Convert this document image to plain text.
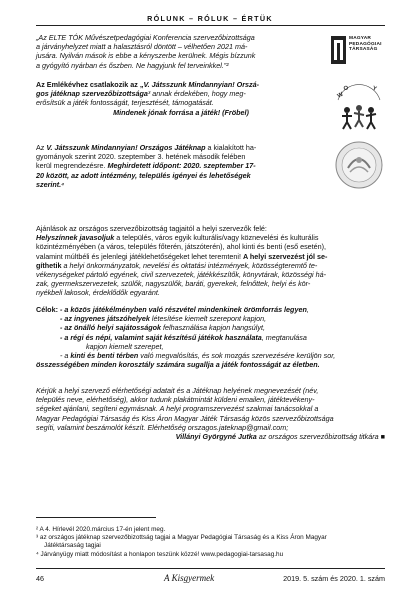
RÓLUNK – RÓLUK – ÉRTÜK
„Az ELTE TÓK Művészetpedagógiai Konferencia szervezőbizottsága
a járványhelyzet miatt a halasztásról döntött – vélhetően 2021 má-
jusára. Nyilván mások is ebbe a kényszerbe kerülnek. Mégis bízzunk
a gyógyító nyárban és őszben. Ne hagyjunk fel terveinkkel.”²
MAGYAR PEDAGÓGIAI TÁRSASÁG
Az Emlékévhez csatlakozik az „V. Játsszunk Mindannyian! Orszá-
gos játéknap szervezőbizottsága³ annak érdekében, hogy meg-
erősítsük a játék fontosságát, terjesztését, támogatását.
Mindenek jónak forrása a játék! (Fröbel)
W
O	Y
Az V. Játsszunk Mindannyian! Országos Játéknap a kialakított ha-
gyományok szerint 2020. szeptember 3. hetének második felében
kerül megrendezésre. Meghirdetett időpont: 2020. szeptember 17-
20 között, az adott intézmény, település igényei és lehetőségek
szerint.⁴
Ajánlások az országos szervezőbizottság tagjaitól a helyi szervezők felé:
Helyszínnek javasoljuk a település, város egyik kulturális/vagy köznevelési és kulturális
közintézményében (a város, település főterén, játszóterén), ahol kinti és benti (eső esetén),
valamint múltbéli és jelenlegi játéklehetőségeket lehet teremteni! A helyi szervezést jól se-
gíthetik a helyi önkormányzatok, nevelési és oktatási intézmények, közösségteremtő te-
vékenységeket pártoló egyének, civil szervezetek, játékkészítők, könyvtárak, közösségi há-
zak, gyermekszervezetek, szülők, nagyszülők, baráti, gyerekek, felnőttek, helyi és kör-
nyékbeli lakosok, érdeklődők egyaránt.
Célok: - a közös játékélményben való részvétel mindenkinek örömforrás legyen,
- az ingyenes játszóhelyek létesítése kiemelt szerepont kapjon,
- az önálló helyi sajátosságok felhasználása kapjon hangsúlyt,
- a régi és népi, valamint saját készítésű játékok használata, megtanulása
kapjon kiemelt szerepet,
- a kinti és benti térben való megvalósítás, és sok mozgás szervezésére kerüljön sor,
összességében minden korosztály számára sugallja a játék fontosságát az életben.
Kérjük a helyi szervező elérhetőségi adatait és a Játéknap helyének megnevezését (név,
település neve, elérhetőség), akkor tudunk plakátmintát küldeni emailen, játéktevékeny-
ségeket ajánlani, segíteni egymásnak. A helyi programszervezést szakmai tanácsokkal a
Magyar Pedagógiai Társaság és Kiss Áron Magyar Játék Társaság közös szervezőbizottsága
segíti, valamint beszámolót készít. Elérhetőség orszagos.jateknap@gmail.com;
Villányi Györgyné Jutka az országos szervezőbizottság titkára ■
² A 4. Hírlevél 2020.március 17-én jelent meg.
³ az országos játéknap szervezőbizottság tagjai a Magyar Pedagógiai Társaság és a Kiss Áron Magyar
Játéktársaság tagjai
⁴ Járványügy miatt módosítást a honlapon teszünk közzé! www.pedagogiai-tarsasag.hu
46	A Kisgyermek	2019. 5. szám és 2020. 1. szám
